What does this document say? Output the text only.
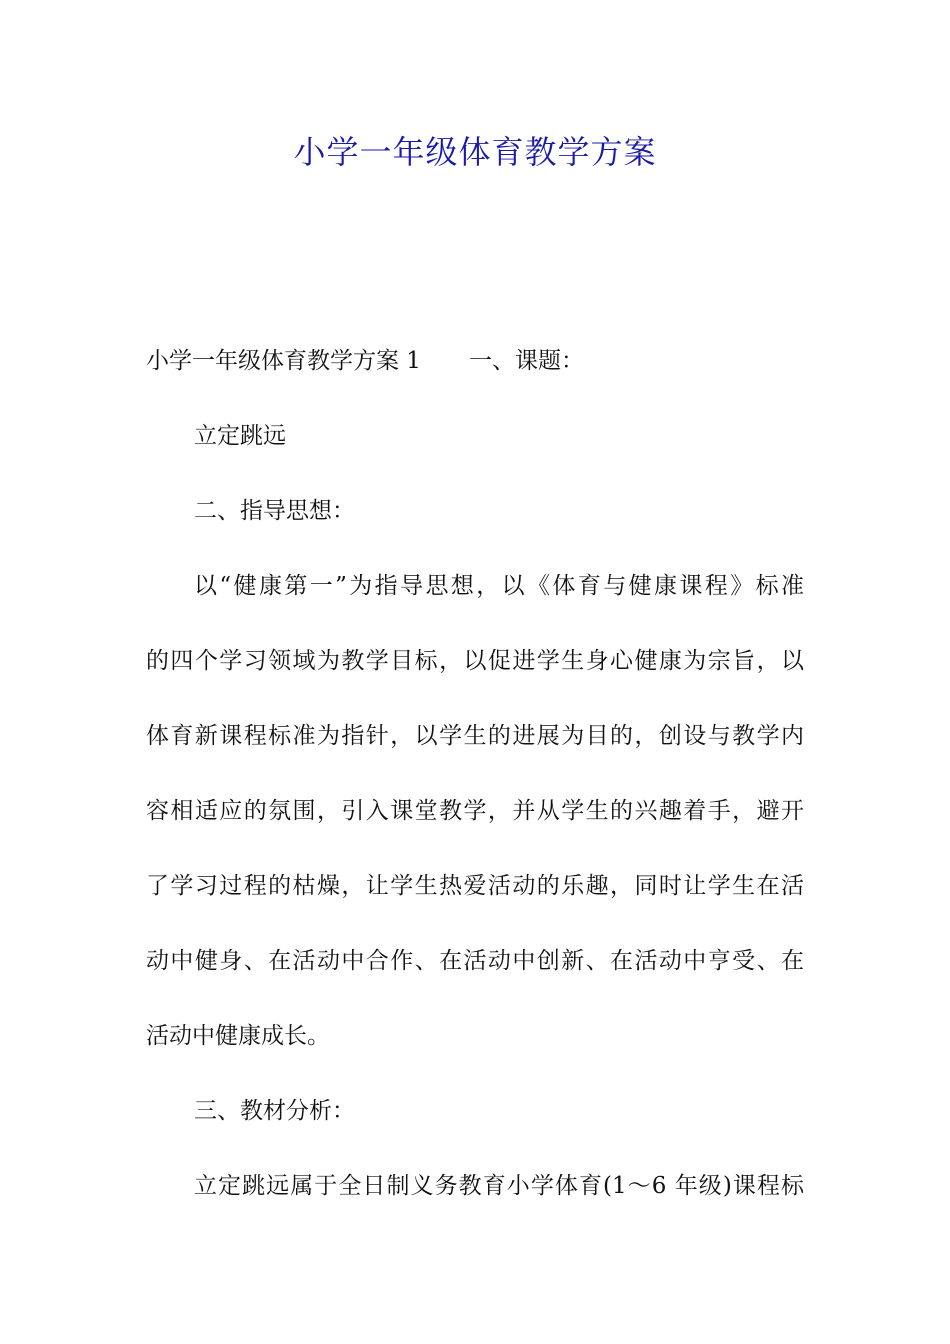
小学一年级体育教学方案
小学一年级体育教学方案 1 一、课题：
立定跳远
二、指导思想：
以“健康第一”为指导思想，以《体育与健康课程》标准
的四个学习领域为教学目标，以促进学生身心健康为宗旨，以
体育新课程标准为指针，以学生的进展为目的，创设与教学内
容相适应的氛围，引入课堂教学，并从学生的兴趣着手，避开
了学习过程的枯燥，让学生热爱活动的乐趣，同时让学生在活
动中健身、在活动中合作、在活动中创新、在活动中亨受、在
活动中健康成长。
三、教材分析：
立定跳远属于全日制义务教育小学体育(1～6 年级)课程标
